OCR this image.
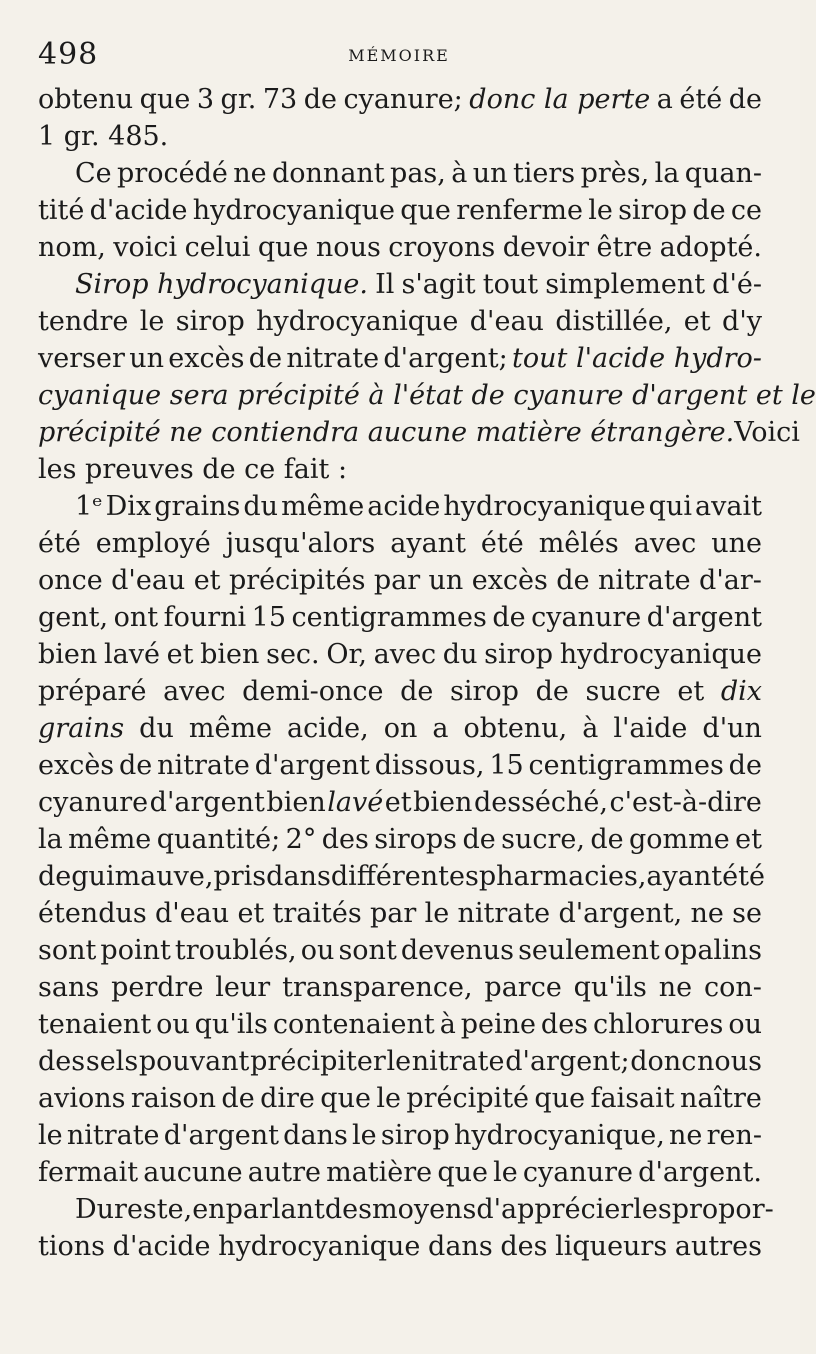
498	MÉMOIRE
obtenu que 3 gr. 73 de cyanure; donc la perte a été de
1 gr. 485.
Ce procédé ne donnant pas, à un tiers près, la quan-
tité d'acide hydrocyanique que renferme le sirop de ce
nom, voici celui que nous croyons devoir être adopté.
Sirop hydrocyanique. Il s'agit tout simplement d'é-
tendre le sirop hydrocyanique d'eau distillée, et d'y
verser un excès de nitrate d'argent; tout l'acide hydro-
cyanique sera précipité à l'état de cyanure d'argent et le
précipité ne contiendra aucune matière étrangère. Voici
les preuves de ce fait :
1ᵉ Dix grains du même acide hydrocyanique qui avait
été employé jusqu'alors ayant été mêlés avec une
once d'eau et précipités par un excès de nitrate d'ar-
gent, ont fourni 15 centigrammes de cyanure d'argent
bien lavé et bien sec. Or, avec du sirop hydrocyanique
préparé avec demi-once de sirop de sucre et dix
grains du même acide, on a obtenu, à l'aide d'un
excès de nitrate d'argent dissous, 15 centigrammes de
cyanure d'argent bien lavé et bien desséché, c'est-à-dire
la même quantité; 2° des sirops de sucre, de gomme et
de guimauve, pris dans différentes pharmacies, ayant été
étendus d'eau et traités par le nitrate d'argent, ne se
sont point troublés, ou sont devenus seulement opalins
sans perdre leur transparence, parce qu'ils ne con-
tenaient ou qu'ils contenaient à peine des chlorures ou
des sels pouvant précipiter le nitrate d'argent; donc nous
avions raison de dire que le précipité que faisait naître
le nitrate d'argent dans le sirop hydrocyanique, ne ren-
fermait aucune autre matière que le cyanure d'argent.
Du reste, en parlant des moyens d'apprécier les propor-
tions d'acide hydrocyanique dans des liqueurs autres
